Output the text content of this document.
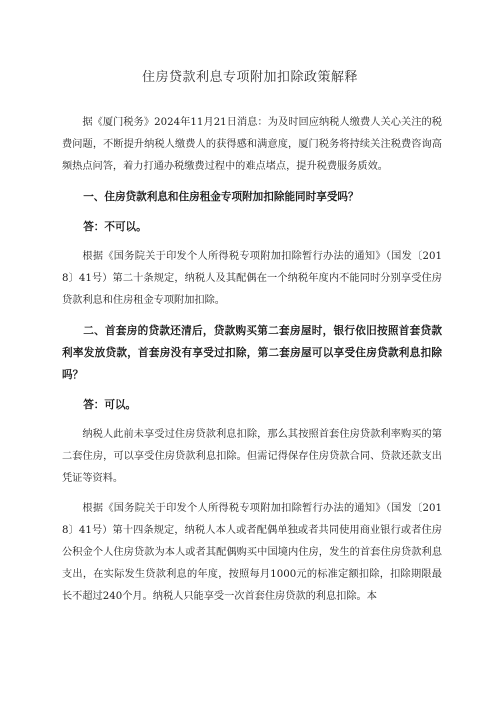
住房贷款利息专项附加扣除政策解释

据《厦门税务》2024年11月21日消息：为及时回应纳税人缴费人关心关注的税费问题，不断提升纳税人缴费人的获得感和满意度，厦门税务将持续关注税费咨询高频热点问答，着力打通办税缴费过程中的难点堵点，提升税费服务质效。

一、住房贷款利息和住房租金专项附加扣除能同时享受吗？

答：不可以。

根据《国务院关于印发个人所得税专项附加扣除暂行办法的通知》（国发〔2018〕41号）第二十条规定，纳税人及其配偶在一个纳税年度内不能同时分别享受住房贷款利息和住房租金专项附加扣除。

二、首套房的贷款还清后，贷款购买第二套房屋时，银行依旧按照首套贷款利率发放贷款，首套房没有享受过扣除，第二套房屋可以享受住房贷款利息扣除吗？

答：可以。

纳税人此前未享受过住房贷款利息扣除，那么其按照首套住房贷款利率购买的第二套住房，可以享受住房贷款利息扣除。但需记得保存住房贷款合同、贷款还款支出凭证等资料。

根据《国务院关于印发个人所得税专项附加扣除暂行办法的通知》（国发〔2018〕41号）第十四条规定，纳税人本人或者配偶单独或者共同使用商业银行或者住房公积金个人住房贷款为本人或者其配偶购买中国境内住房，发生的首套住房贷款利息支出，在实际发生贷款利息的年度，按照每月1000元的标准定额扣除，扣除期限最长不超过240个月。纳税人只能享受一次首套住房贷款的利息扣除。本
